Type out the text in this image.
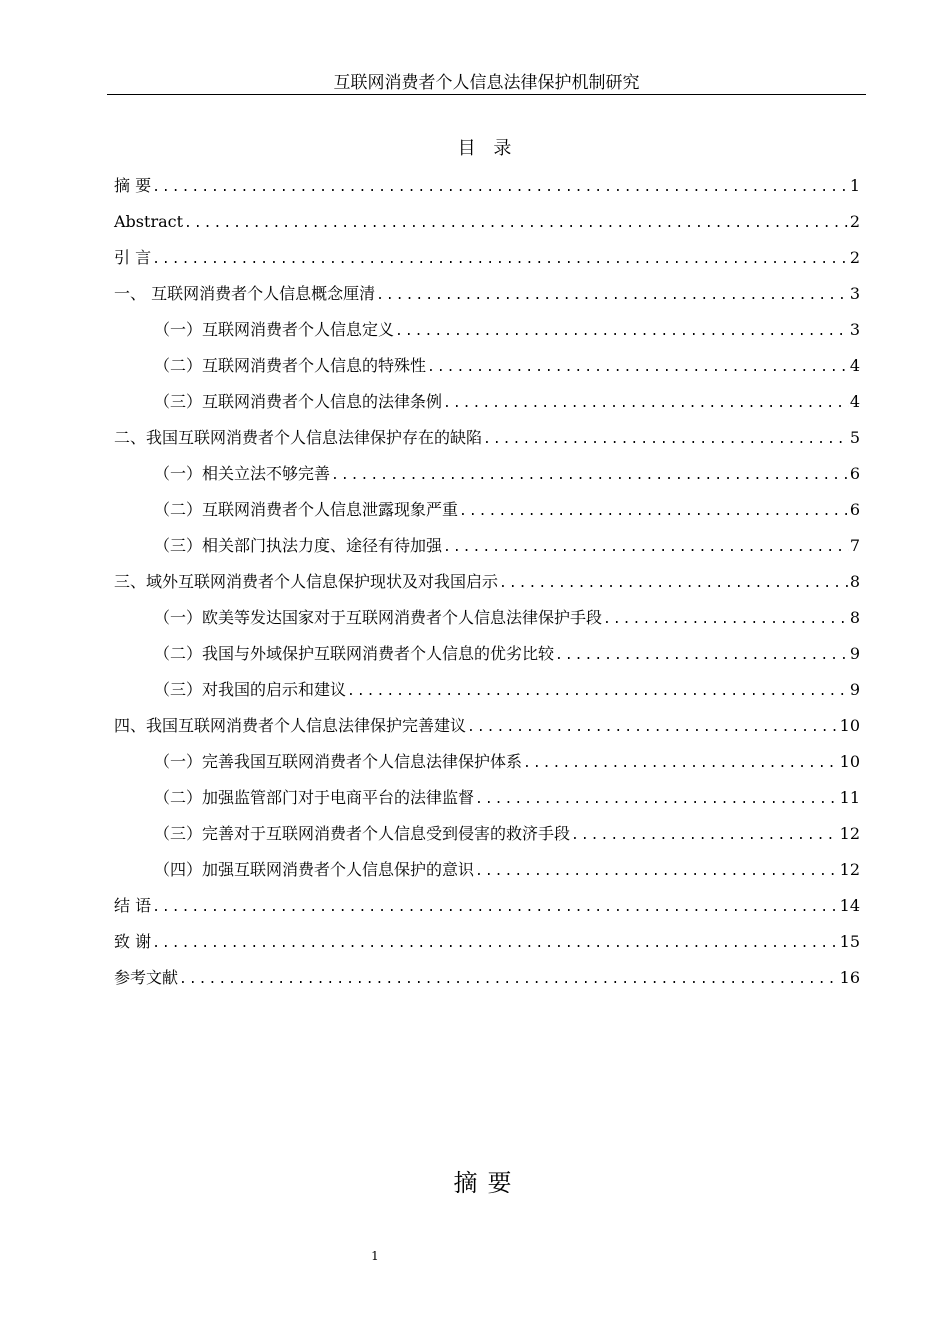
互联网消费者个人信息法律保护机制研究
目 录
摘 要 .....	1
Abstract .....	2
引 言 .....	2
一、 互联网消费者个人信息概念厘清 .....	3
（一）互联网消费者个人信息定义 .....	3
（二）互联网消费者个人信息的特殊性 .....	4
（三）互联网消费者个人信息的法律条例 .....	4
二、我国互联网消费者个人信息法律保护存在的缺陷 .....	5
（一）相关立法不够完善 .....	6
（二）互联网消费者个人信息泄露现象严重 .....	6
（三）相关部门执法力度、途径有待加强 .....	7
三、域外互联网消费者个人信息保护现状及对我国启示 .....	8
（一）欧美等发达国家对于互联网消费者个人信息法律保护手段 .....	8
（二）我国与外域保护互联网消费者个人信息的优劣比较 .....	9
（三）对我国的启示和建议 .....	9
四、我国互联网消费者个人信息法律保护完善建议 .....	10
（一）完善我国互联网消费者个人信息法律保护体系 .....	10
（二）加强监管部门对于电商平台的法律监督 .....	11
（三）完善对于互联网消费者个人信息受到侵害的救济手段 .....	12
（四）加强互联网消费者个人信息保护的意识 .....	12
结 语 .....	14
致 谢 .....	15
参考文献 .....	16
摘要
1
